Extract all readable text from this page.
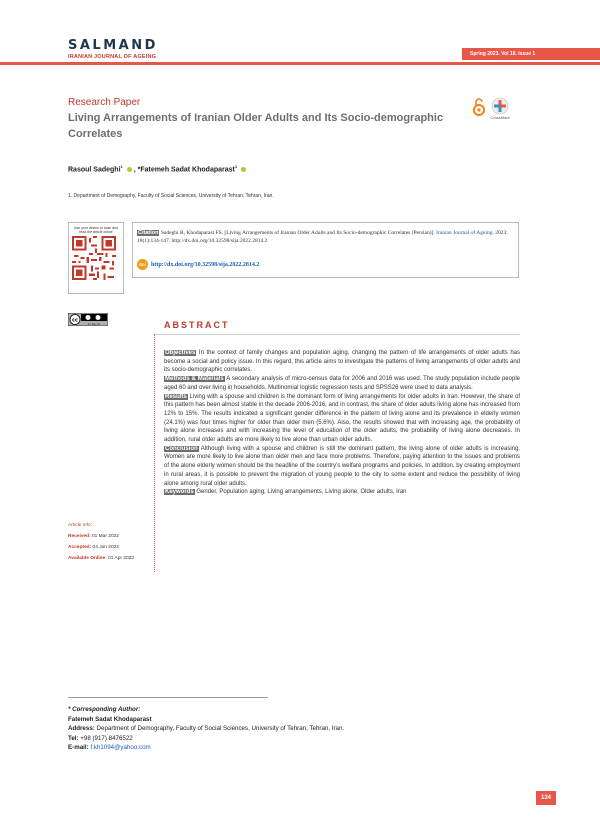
SALMAND
IRANIAN JOURNAL OF AGEING	Spring 2023. Vol 18. Issue 1
Research Paper
Living Arrangements of Iranian Older Adults and Its Socio-demographic Correlates
CrossMark
Rasoul Sadeghi$^1$ , *Fatemeh Sadat Khodaparast$^1$
1. Department of Demography, Faculty of Social Sciences, University of Tehran, Tehran, Iran.
Use your device to scan and read the article online	Citation Sadeghi R, Khodaparast FS. [Living Arrangements of Iranian Older Adults and Its Socio-demographic Correlates (Persian)]. Iranian Journal of Ageing. 2023; 18(1):134-147. http://dx.doi.org/10.32598/sija.2022.2814.2
doi http://dx.doi.org/10.32598/sija.2022.2814.2
cc
cc by nc	ABSTRACT
Objectives In the context of family changes and population aging, changing the pattern of life arrangements of older adults has become a social and policy issue. In this regard, this article aims to investigate the patterns of living arrangements of older adults and its socio-demographic correlates.
Methods & Materials A secondary analysis of micro-census data for 2006 and 2016 was used. The study population include people aged 60 and over living in households. Multinomial logistic regression tests and SPSS26 were used to data analysis.
Results Living with a spouse and children is the dominant form of living arrangements for older adults in Iran. However, the share of this pattern has been almost stable in the decade 2006-2016, and in contrast, the share of older adults living alone has increased from 12% to 15%. The results indicated a significant gender difference in the pattern of living alone and its prevalence in elderly women (24.1%) was four times higher for older than older men (5.6%). Also, the results showed that with increasing age, the probability of living alone increases and with increasing the level of education of the older adults, the probability of living alone decreases. In addition, rural older adults are more likely to live alone than urban older adults.
Conclusion Although living with a spouse and children is still the dominant pattern, the living alone of older adults is increasing. Women are more likely to live alone than older men and face more problems. Therefore, paying attention to the issues and problems of the alone elderly women should be the headline of the country's welfare programs and policies. In addition, by creating employment in rural areas, it is possible to prevent the migration of young people to the city to some extent and reduce the possibility of living alone among rural older adults.
Keywords Gender, Population aging, Living arrangements, Living alone, Older adults, Iran
Article Info:
Received: 01 Mar 2022
Accepted: 04 Jun 2022
Available Online: 01 Apr 2023
* Corresponding Author:
Fatemeh Sadat Khodaparast
Address: Department of Demography, Faculty of Social Sciences, University of Tehran, Tehran, Iran.
Tel: +98 (917) 8476522
E-mail: f.kh1094@yahoo.com
134
